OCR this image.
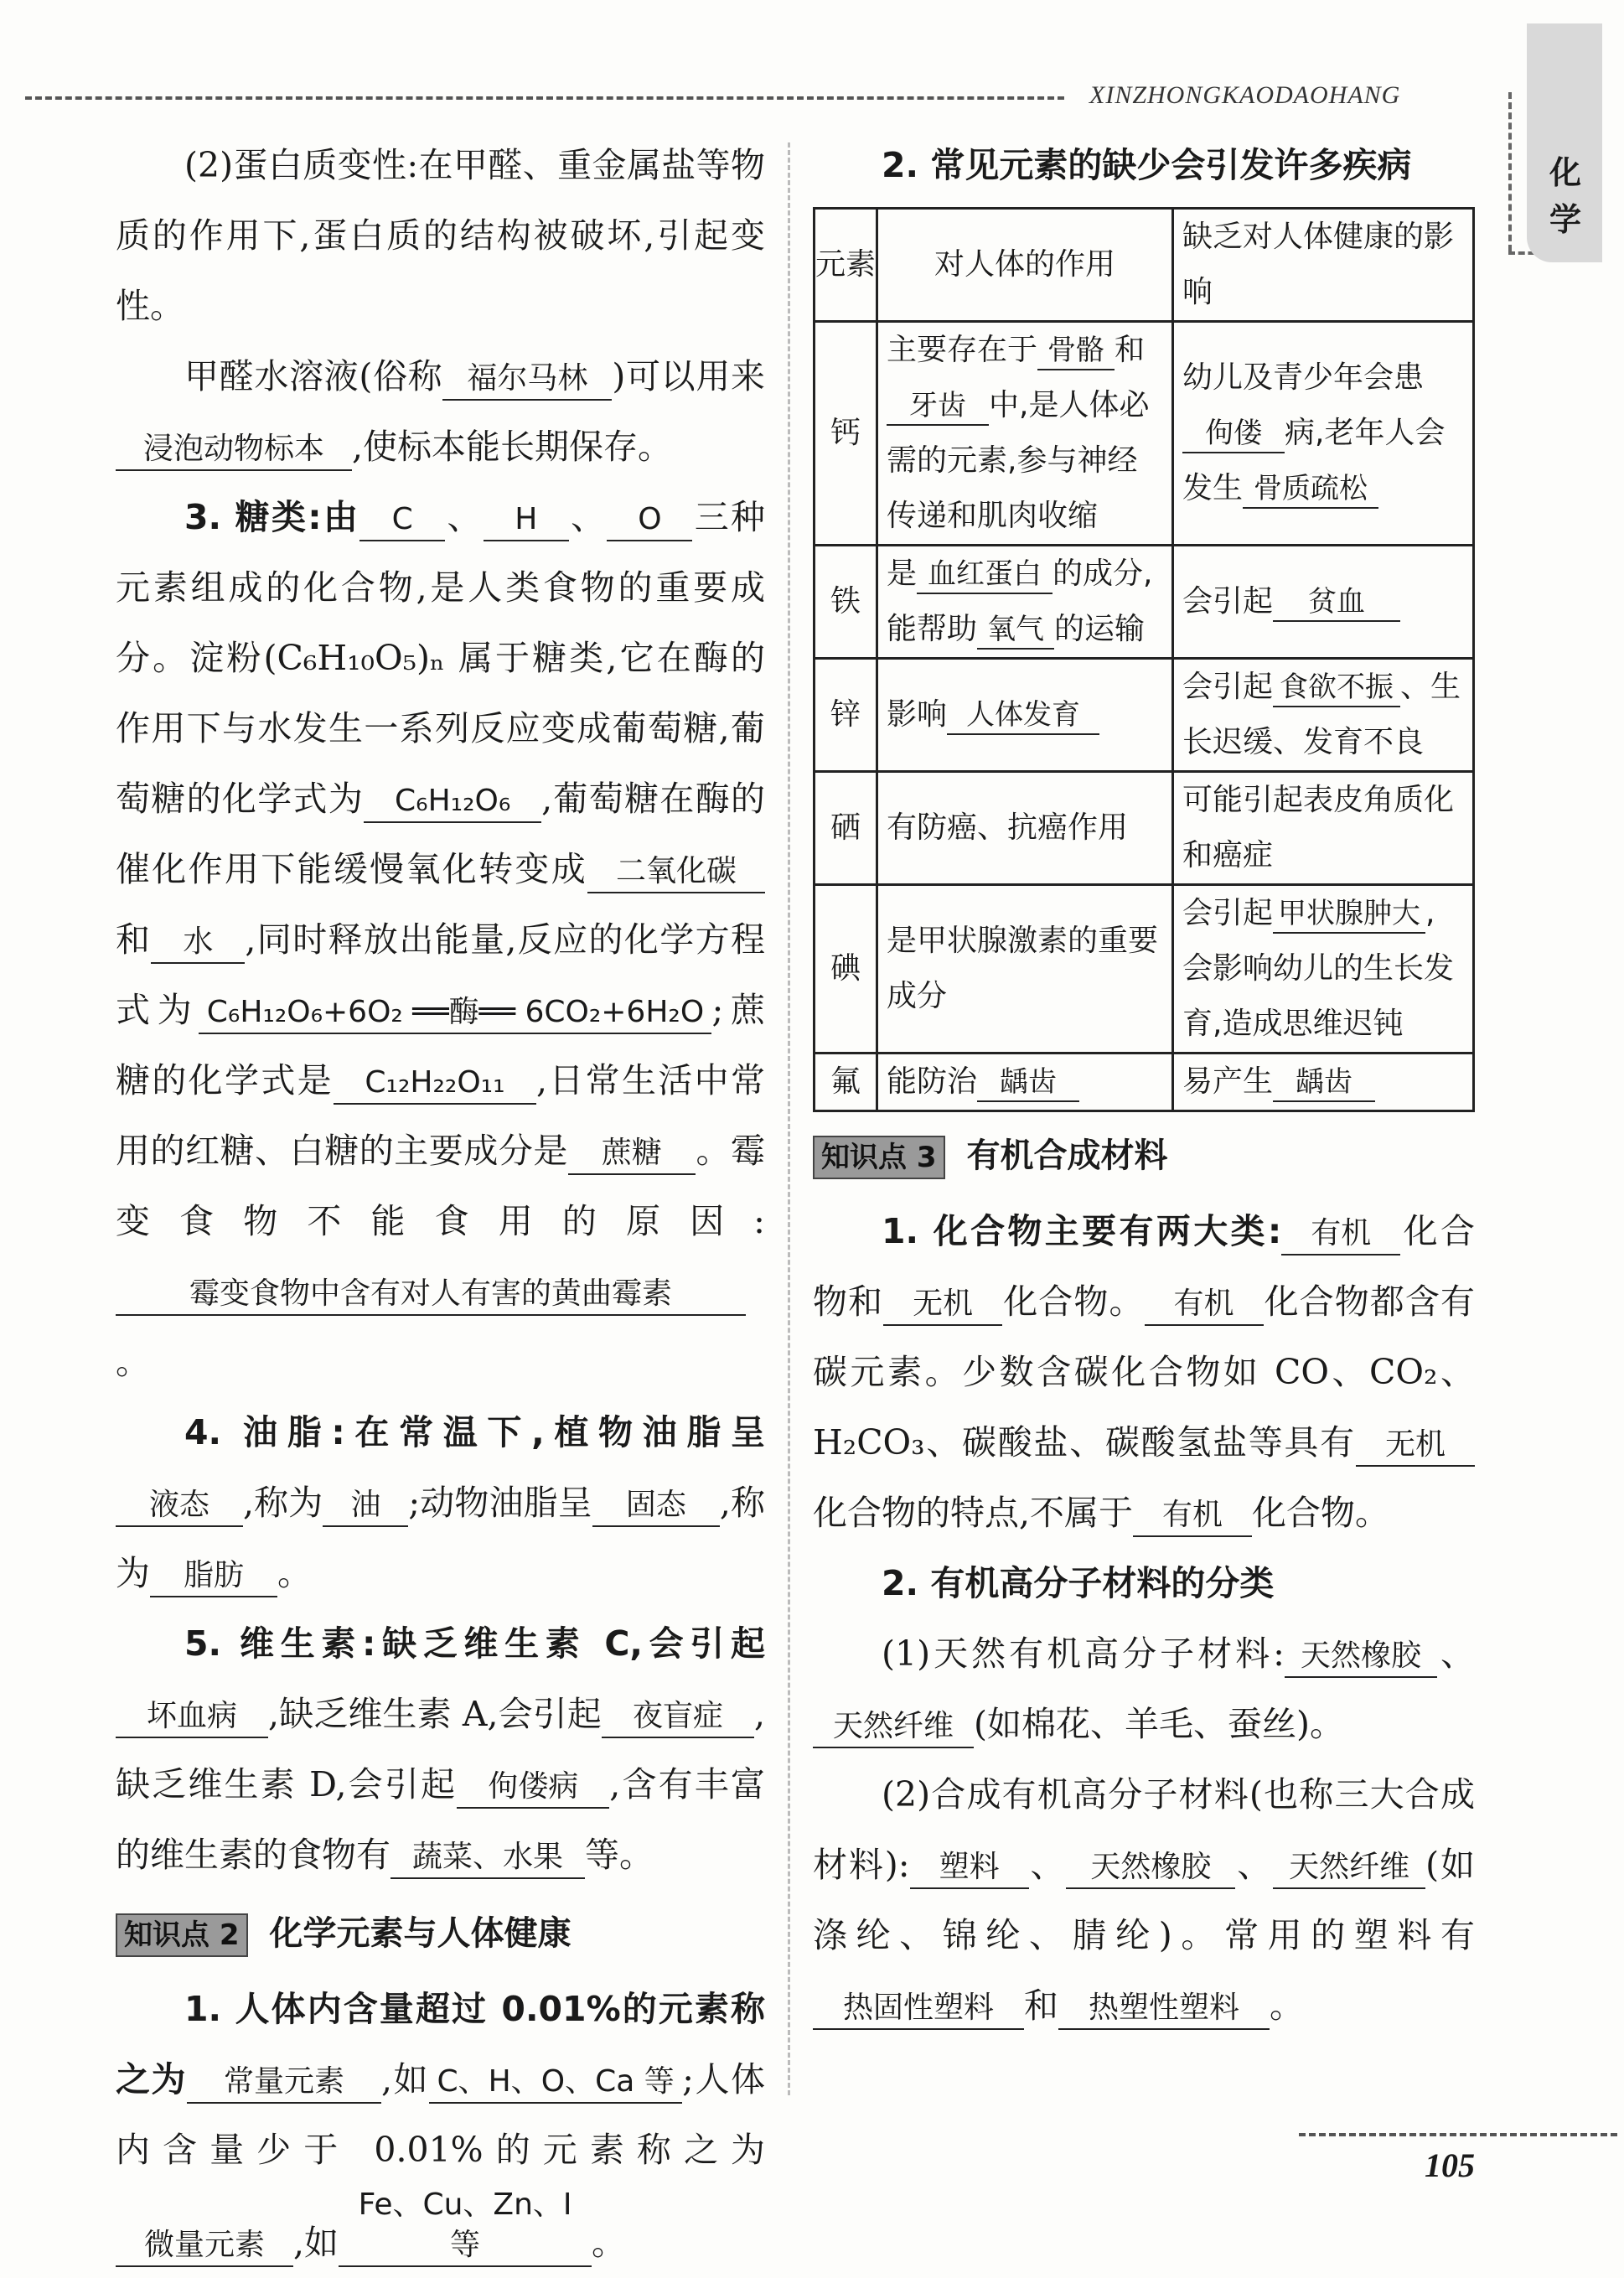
XINZHONGKAODAOHANG
化学

(2)蛋白质变性:在甲醛、重金属盐等物质的作用下,蛋白质的结构被破坏,引起变性。

甲醛水溶液(俗称 福尔马林 )可以用来浸泡动物标本 ,使标本能长期保存。

3. 糖类:由 C 、 H 、 O 三种元素组成的化合物,是人类食物的重要成分。淀粉(C₆H₁₀O₅)ₙ 属于糖类,它在酶的作用下与水发生一系列反应变成葡萄糖,葡萄糖的化学式为 C₆H₁₂O₆ ,葡萄糖在酶的催化作用下能缓慢氧化转变成 二氧化碳和 水 ,同时释放出能量,反应的化学方程式为 C₆H₁₂O₆+6O₂ ══酶══ 6CO₂+6H₂O ;蔗糖的化学式是 C₁₂H₂₂O₁₁ ,日常生活中常用的红糖、白糖的主要成分是 蔗糖 。霉变食物不能食用的原因:霉变食物中含有对人有害的黄曲霉素。

4. 油脂:在常温下,植物油脂呈液态 ,称为 油 ;动物油脂呈 固态 ,称为 脂肪 。

5. 维生素:缺乏维生素 C,会引起坏血病 ,缺乏维生素 A,会引起 夜盲症 ,缺乏维生素 D,会引起 佝偻病 ,含有丰富的维生素的食物有 蔬菜、水果 等。

知识点 2 化学元素与人体健康

1. 人体内含量超过 0.01%的元素称之为 常量元素 ,如 C、H、O、Ca 等 ;人体内含量少于 0.01%的元素称之为微量元素 ,如Fe、Cu、Zn、I 等	。

2. 常见元素的缺少会引发许多疾病

元素	对人体的作用	缺乏对人体健康的影响
钙	主要存在于 骨骼 和牙齿 中,是人体必需的元素,参与神经传递和肌肉收缩	幼儿及青少年会患佝偻 病,老年人会发生 骨质疏松
铁	是 血红蛋白 的成分,能帮助 氧气 的运输	会引起 贫血
锌	影响 人体发育	会引起 食欲不振 、生长迟缓、发育不良
硒	有防癌、抗癌作用	可能引起表皮角质化和癌症
碘	是甲状腺激素的重要成分	会引起 甲状腺肿大 ,会影响幼儿的生长发育,造成思维迟钝
氟	能防治 龋齿	易产生 龋齿
知识点 3 有机合成材料

1. 化合物主要有两大类: 有机 化合物和 无机 化合物。 有机 化合物都含有碳元素。少数含碳化合物如 CO、CO₂、H₂CO₃、碳酸盐、碳酸氢盐等具有 无机化合物的特点,不属于 有机 化合物。

2. 有机高分子材料的分类

(1)天然有机高分子材料: 天然橡胶 、天然纤维 (如棉花、羊毛、蚕丝)。

(2)合成有机高分子材料(也称三大合成材料): 塑料 、 天然橡胶 、 天然纤维 (如涤纶、锦纶、腈纶)。常用的塑料有热固性塑料 和 热塑性塑料 。

105
